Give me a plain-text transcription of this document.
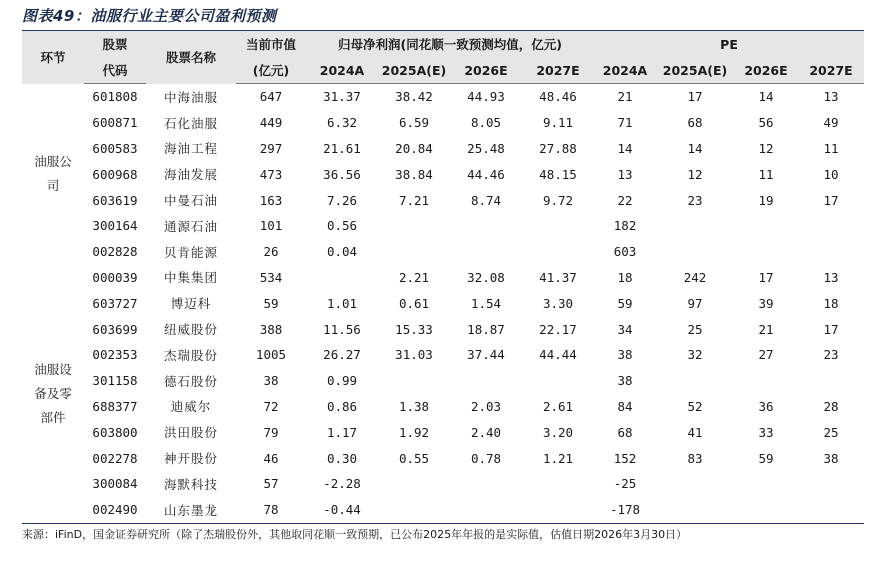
图表49：油服行业主要公司盈利预测
环节	股票	股票名称	当前市值	归母净利润(同花顺一致预测均值，亿元)				PE			
	代码		(亿元)	2024A	2025A(E)	2026E	2027E	2024A	2025A(E)	2026E	2027E

油服公
司	601808	中海油服	647	31.37	38.42	44.93	48.46	21	17	14	13
	600871	石化油服	449	6.32	6.59	8.05	9.11	71	68	56	49
	600583	海油工程	297	21.61	20.84	25.48	27.88	14	14	12	11
	600968	海油发展	473	36.56	38.84	44.46	48.15	13	12	11	10
	603619	中曼石油	163	7.26	7.21	8.74	9.72	22	23	19	17
	300164	通源石油	101	0.56				182			
	002828	贝肯能源	26	0.04				603			

油服设
备及零
部件	000039	中集集团	534		2.21	32.08	41.37	18	242	17	13
	603727	博迈科	59	1.01	0.61	1.54	3.30	59	97	39	18
	603699	纽威股份	388	11.56	15.33	18.87	22.17	34	25	21	17
	002353	杰瑞股份	1005	26.27	31.03	37.44	44.44	38	32	27	23
	301158	德石股份	38	0.99				38			
	688377	迪威尔	72	0.86	1.38	2.03	2.61	84	52	36	28
	603800	洪田股份	79	1.17	1.92	2.40	3.20	68	41	33	25
	002278	神开股份	46	0.30	0.55	0.78	1.21	152	83	59	38
	300084	海默科技	57	-2.28				-25			
	002490	山东墨龙	78	-0.44				-178			
来源：iFinD，国金证券研究所（除了杰瑞股份外，其他取同花顺一致预期，已公布2025年年报的是实际值，估值日期2026年3月30日）
